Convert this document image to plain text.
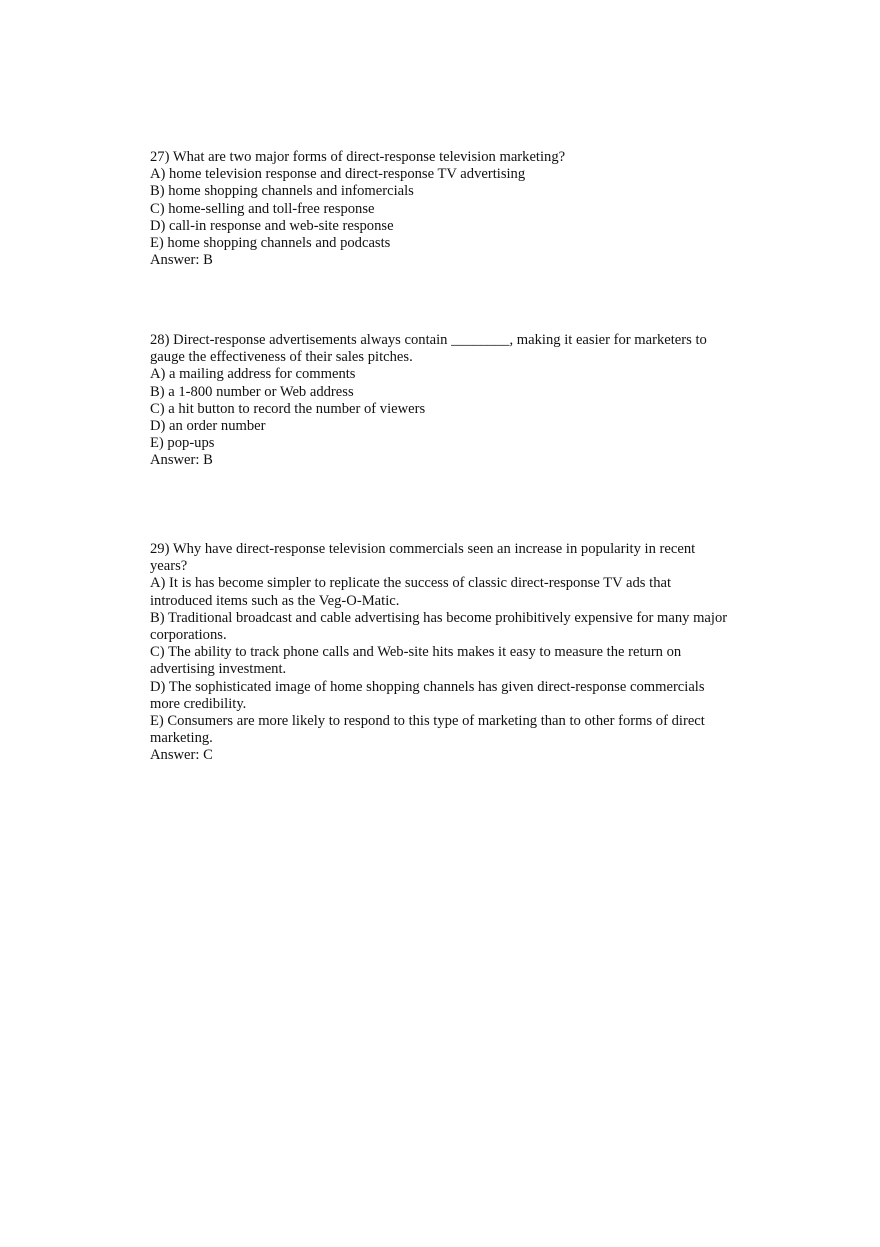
27) What are two major forms of direct-response television marketing?
A) home television response and direct-response TV advertising
B) home shopping channels and infomercials
C) home-selling and toll-free response
D) call-in response and web-site response
E) home shopping channels and podcasts
Answer: B
28) Direct-response advertisements always contain ________, making it easier for marketers to gauge the effectiveness of their sales pitches.
A) a mailing address for comments
B) a 1-800 number or Web address
C) a hit button to record the number of viewers
D) an order number
E) pop-ups
Answer: B
29) Why have direct-response television commercials seen an increase in popularity in recent years?
A) It is has become simpler to replicate the success of classic direct-response TV ads that introduced items such as the Veg-O-Matic.
B) Traditional broadcast and cable advertising has become prohibitively expensive for many major corporations.
C) The ability to track phone calls and Web-site hits makes it easy to measure the return on advertising investment.
D) The sophisticated image of home shopping channels has given direct-response commercials more credibility.
E) Consumers are more likely to respond to this type of marketing than to other forms of direct marketing.
Answer: C
